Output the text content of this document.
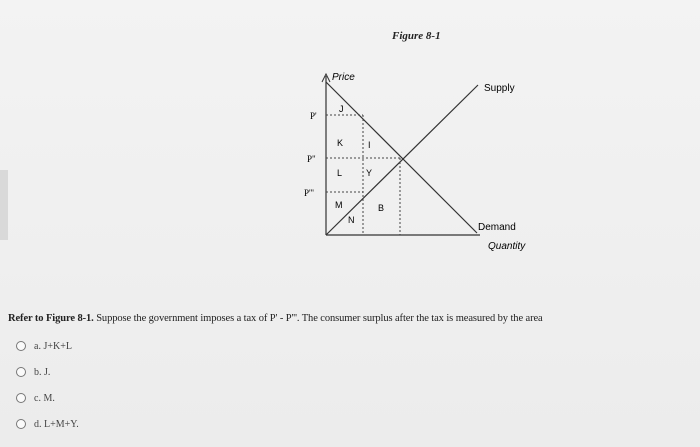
Figure 8-1
P'
P"
P'''
Price
Supply
Demand
Quantity
J
K	I
L	Y
M
N
B
Refer to Figure 8-1. Suppose the government imposes a tax of P' - P'''. The consumer surplus after the tax is measured by the area
a. J+K+L
b. J.
c. M.
d. L+M+Y.
